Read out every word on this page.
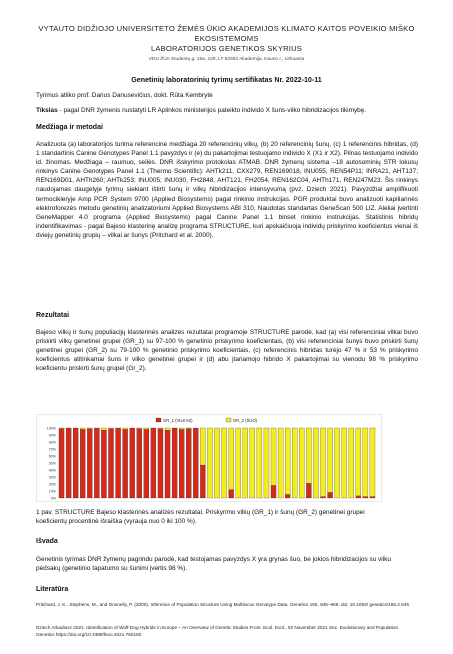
VYTAUTO DIDŽIOJO UNIVERSITETO ŽEMĖS ŪKIO AKADEMIJOS KLIMATO KAITOS POVEIKIO MIŠKO EKOSISTEMOMS
LABORATORIJOS GENETIKOS SKYRIUS
VDU ŽŪA Studentų g. 15a, 229, LT-53363 Akademija, Kauno r., Lithuania
Genetinių laboratorinių tyrimų sertifikatas Nr. 2022-10-11
Tyrimus atliko prof. Darius Danusevičius, dokt. Rūta Kembrytė
Tikslas - pagal DNR žymenis nustatyti LR Aplinkos ministerijos pateikto individo X šuns-vilko hibridizacijos tikimybę.
Medžiaga ir metodai
Analizuota (a) laboratorijos turima referencinė medžiaga 20 referencinių vilkų, (b) 20 referencinių šunų, (c) 1 referencinis hibridas, (d) 1 standartinis Canine Genotypes Panel 1.1 pavyzdys ir (e) du pakartojimai testuojamo individo X (X1 ir X2). Pilnas testuojamo individo id. žinomas. Medžiaga – raumuo, seilės. DNR išskyrimo protokolas ATMAB. DNR žymenų sistema –18 autosominių STR lokusų rinkinys Canine Genotypes Panel 1.1 (Thermo Scientific): AHTk211, CXX279, REN169018, INU055, REN54P11; INRA21, AHT137; REN169D01, AHTh260; AHTk253; INU005; INU030, FH2848, AHT121, FH2054, REN162C04, AHTh171, REN247M23. Šis rinkinys naudojamas daugelyje tyrimų siekiant ištirti šunų ir vilkų hibridizacijos intensyvumą (pvz. Dziech 2021). Pavyzdžiai amplifikuoti termocikleryje Amp PCR System 9700 (Applied Biosystems) pagal rinkinio instrukcijas. PGR produktai buvo analizuoti kapiliarinės elektroforezės metodu genetinių analizatoriumi Applied Biosystems ABI 310. Naudotas standartas GeneScan 500 LIZ. Aleliai įvertinti GeneMapper 4.0 programa (Applied Biosystems) pagal Canine Panel 1.1 binset rinkinio instrukcijas. Statistinis hibridų indentifikavimas - pagal Bajeso klasterinę analizę programa STRUCTURE, kuri apskaičiuoja individų priskyrimo koeficientus vienai iš dviejų genetinių grupių – vilkai ar šunys (Pritchard et al. 2000).
Rezultatai
Bajeso vilkų ir šunų populiacijų klasterinės analizės rezultatai programoje STRUCTURE parodė, kad (a) visi referenciniai vilkai buvo priskirti vilkų genetinei grupei (GR_1) su 97-100 % genetinio priskyrimo koeficientais, (b) visi referenciniai šunys buvo priskirti šunų genetinei grupei (GR_2) su 79-100 % genetinio priskyrimo koeficientais, (c) referencinis hibridas turėjo 47 % ir 53 % priskyrimo koeficientus atitinkamai šuns ir vilko genetinei grupei ir (d) abu įtariamojo hibrido X pakartojimai su vienodu 98 % priskyrimo koeficientu priskirti šunų grupei (Gr_2).
GR_1 (VILKAS)	GR_2 (ŠUO)
100%
90%
80%
70%
60%
50%
40%
30%
20%
10%
0%
1 pav. STRUCTURE Bajeso klasterinės analizės rezultatai. Priskyrimo vilkų (GR_1) ir šunų (GR_2) genetinei grupei koeficientų procentinė išraiška (vyrauja nuo 0 iki 100 %).
Išvada
Genetinis tyrimas DNR žymenų pagrindu parodė, kad testojamas pavyzdys X yra grynas šuo, be jokios hibridizacijos su vilku pėdsakų (genetinio tapatumo su šunimi įvertis 98 %).
Literatūra
Pritchard, J. K., Stephens, M., and Donnelly, P. (2000). Inference of Population Structure Using Multilocus Genotype Data. Genetics 155, 945–959. doi: 10.1093/ genetics/155.2.945
Dziech Arkadiusz 2021. Identification of Wolf-Dog Hybrids in Europe – An Overview of Genetic Studies Front. Ecol. Evol., 02 November 2021 Sec. Evolutionary and Population Genetics https://doi.org/10.3389/fevo.2021.760160
